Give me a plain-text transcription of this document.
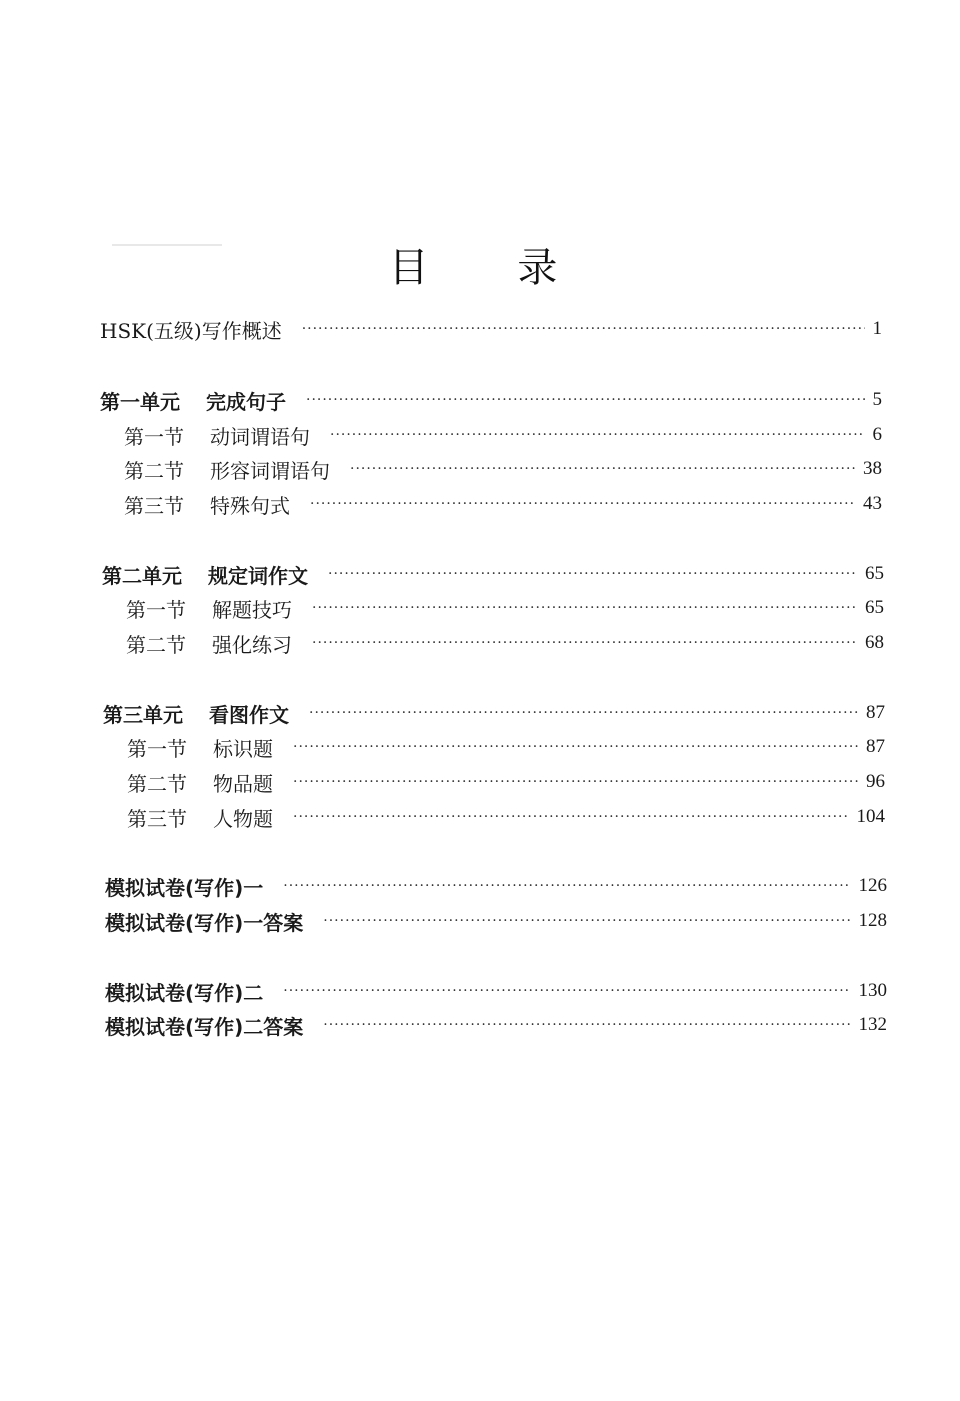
目 录
HSK(五级)写作概述 ·····	1
第一单元 完成句子 ·····	5
第一节 动词谓语句 ·····	6
第二节 形容词谓语句 ·····	38
第三节 特殊句式 ·····	43
第二单元 规定词作文 ·····	65
第一节 解题技巧 ·····	65
第二节 强化练习 ·····	68
第三单元 看图作文 ·····	87
第一节 标识题 ·····	87
第二节 物品题 ·····	96
第三节 人物题 ·····	104
模拟试卷(写作)一 ·····	126
模拟试卷(写作)一答案 ·····	128
模拟试卷(写作)二 ·····	130
模拟试卷(写作)二答案 ·····	132
